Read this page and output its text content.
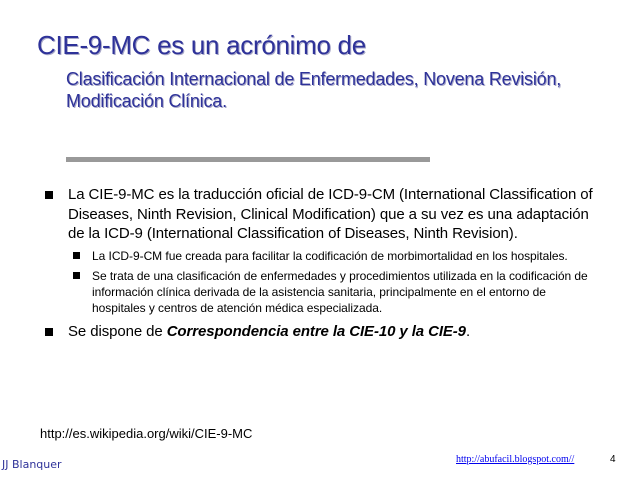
CIE-9-MC es un acrónimo de

Clasificación Internacional de Enfermedades, Novena Revisión, Modificación Clínica.

La CIE-9-MC es la traducción oficial de ICD-9-CM (International Classification of Diseases, Ninth Revision, Clinical Modification) que a su vez es una adaptación de la ICD-9 (International Classification of Diseases, Ninth Revision).
La ICD-9-CM fue creada para facilitar la codificación de morbimortalidad en los hospitales.
Se trata de una clasificación de enfermedades y procedimientos utilizada en la codificación de información clínica derivada de la asistencia sanitaria, principalmente en el entorno de hospitales y centros de atención médica especializada.
Se dispone de Correspondencia entre la CIE-10 y la CIE-9.
http://es.wikipedia.org/wiki/CIE-9-MC
JJ Blanquer	http://abufacil.blogspot.com//	4
